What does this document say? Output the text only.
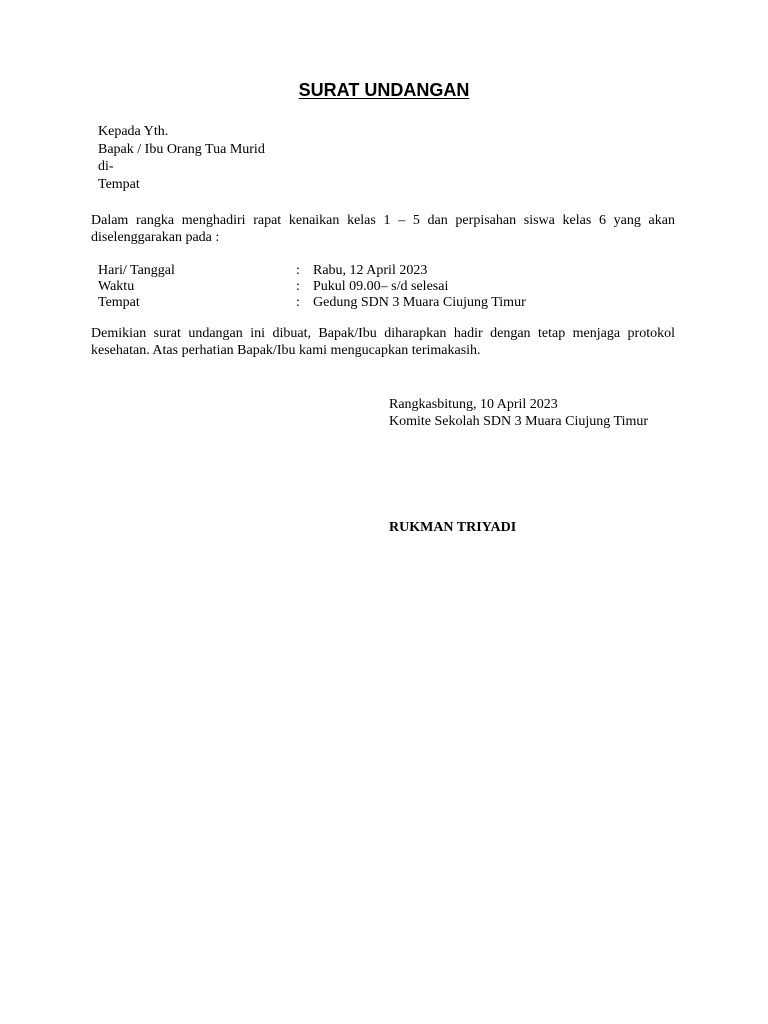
SURAT UNDANGAN
Kepada Yth.
Bapak / Ibu Orang Tua Murid
di-
Tempat
Dalam rangka menghadiri rapat kenaikan kelas 1 – 5 dan perpisahan siswa kelas 6 yang akan diselenggarakan pada :
Hari/ Tanggal	: Rabu, 12 April 2023
Waktu	: Pukul 09.00– s/d selesai
Tempat	: Gedung SDN 3 Muara Ciujung Timur
Demikian surat undangan ini dibuat, Bapak/Ibu diharapkan hadir dengan tetap menjaga protokol kesehatan. Atas perhatian Bapak/Ibu kami mengucapkan terimakasih.
Rangkasbitung, 10 April 2023
Komite Sekolah SDN 3 Muara Ciujung Timur
RUKMAN TRIYADI
